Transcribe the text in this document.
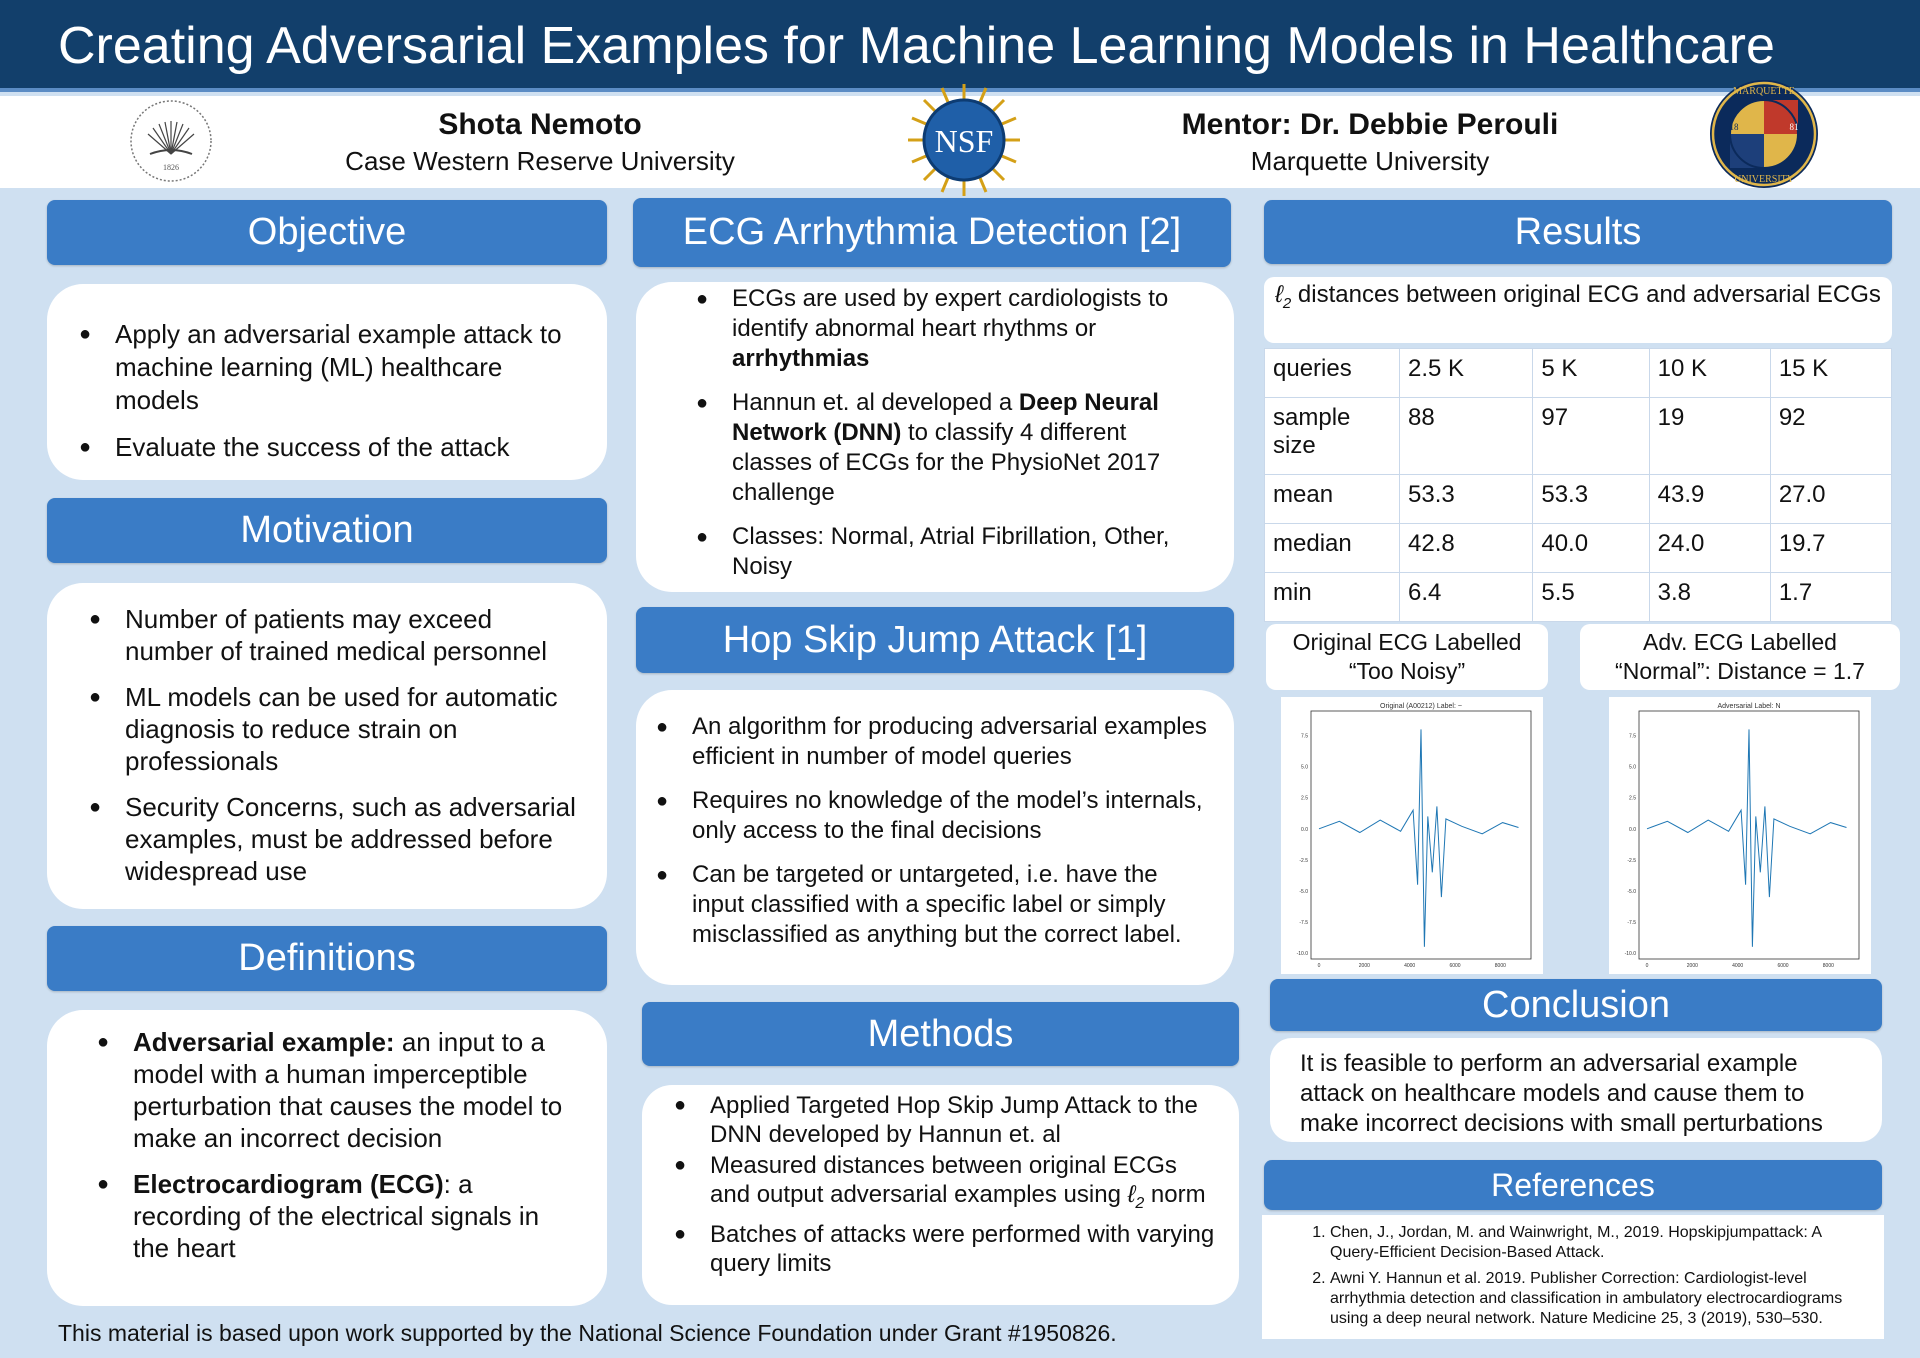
Creating Adversarial Examples for Machine Learning Models in Healthcare
1826
Shota Nemoto
Case Western Reserve University
NSF	Mentor: Dr. Debbie Perouli
Marquette University
MARQUETTE
UNIVERSITY
18	81
Objective
● Apply an adversarial example attack to machine learning (ML) healthcare models
● Evaluate the success of the attack
Motivation
● Number of patients may exceed number of trained medical personnel
● ML models can be used for automatic diagnosis to reduce strain on professionals
● Security Concerns, such as adversarial examples, must be addressed before widespread use
Definitions
● Adversarial example: an input to a model with a human imperceptible perturbation that causes the model to make an incorrect decision
● Electrocardiogram (ECG): a recording of the electrical signals in the heart
ECG Arrhythmia Detection [2]
● ECGs are used by expert cardiologists to identify abnormal heart rhythms or arrhythmias
● Hannun et. al developed a Deep Neural Network (DNN) to classify 4 different classes of ECGs for the PhysioNet 2017 challenge
● Classes: Normal, Atrial Fibrillation, Other, Noisy
Hop Skip Jump Attack [1]
● An algorithm for producing adversarial examples efficient in number of model queries
● Requires no knowledge of the model’s internals, only access to the final decisions
● Can be targeted or untargeted, i.e. have the input classified with a specific label or simply misclassified as anything but the correct label.
Methods
● Applied Targeted Hop Skip Jump Attack to the DNN developed by Hannun et. al
● Measured distances between original ECGs and output adversarial examples using ℓ$_2$ norm
● Batches of attacks were performed with varying query limits
Results
ℓ$_2$ distances between original ECG and adversarial ECGs
queries	2.5 K	5 K	10 K	15 K
sample size	88	97	19	92
mean	53.3	53.3	43.9	27.0
median	42.8	40.0	24.0	19.7
min	6.4	5.5	3.8	1.7
Original ECG Labelled “Too Noisy”
Adv. ECG Labelled “Normal”: Distance = 1.7
Original (A00212) Label: ~
7.5
5.0
2.5
0.0
-2.5
-5.0
-7.5
-10.0
0	2000	4000	6000	8000
Adversarial Label: N
7.5
5.0
2.5
0.0
-2.5
-5.0
-7.5
-10.0
0	2000	4000	6000	8000
Conclusion
It is feasible to perform an adversarial example attack on healthcare models and cause them to make incorrect decisions with small perturbations
References
1. Chen, J., Jordan, M. and Wainwright, M., 2019. Hopskipjumpattack: A Query-Efficient Decision-Based Attack.
2. Awni Y. Hannun et al. 2019. Publisher Correction: Cardiologist-level arrhythmia detection and classification in ambulatory electrocardiograms using a deep neural network. Nature Medicine 25, 3 (2019), 530–530.
This material is based upon work supported by the National Science Foundation under Grant #1950826.
